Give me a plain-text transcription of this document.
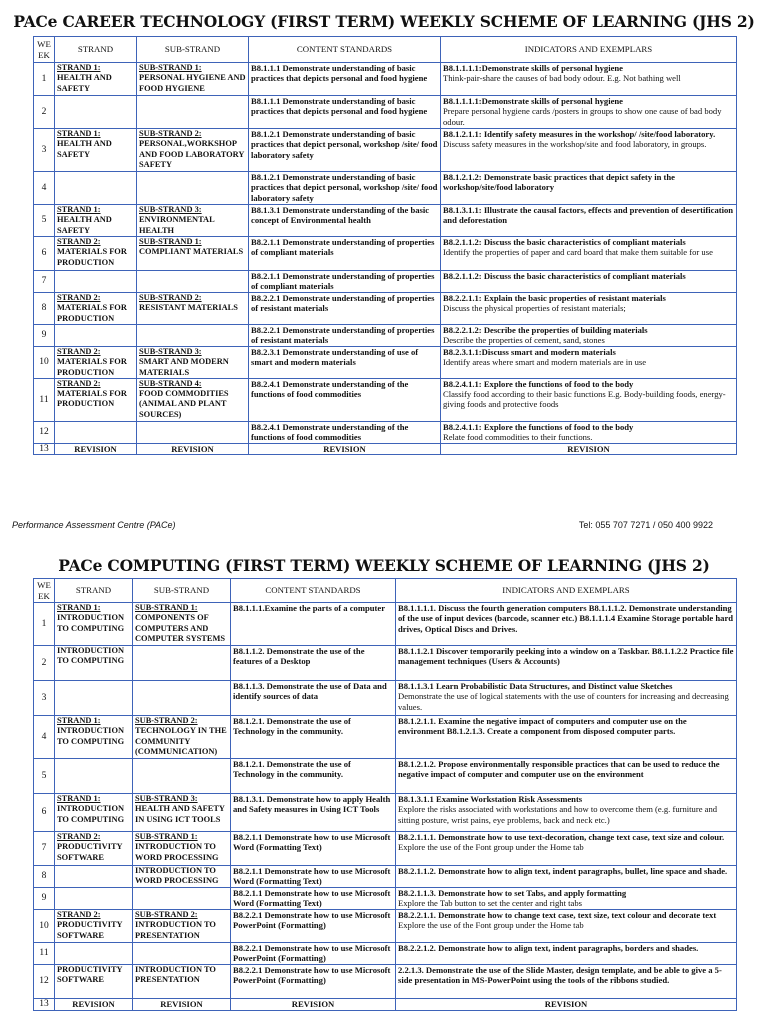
PACe CAREER TECHNOLOGY (FIRST TERM) WEEKLY SCHEME OF LEARNING (JHS 2)
WE EK	STRAND	SUB-STRAND	CONTENT STANDARDS	INDICATORS AND EXEMPLARS
1	STRAND 1:
HEALTH AND SAFETY	SUB-STRAND 1:
PERSONAL HYGIENE AND FOOD HYGIENE	B8.1.1.1 Demonstrate understanding of basic practices that depicts personal and food hygiene	B8.1.1.1.1:Demonstrate skills of personal hygiene
Think-pair-share the causes of bad body odour. E.g. Not bathing well

2			B8.1.1.1 Demonstrate understanding of basic practices that depicts personal and food hygiene	B8.1.1.1.1:Demonstrate skills of personal hygiene
Prepare personal hygiene cards /posters in groups to show one cause of bad body odour.

3	STRAND 1:
HEALTH AND SAFETY	SUB-STRAND 2:
PERSONAL,WORKSHOP AND FOOD LABORATORY SAFETY	B8.1.2.1 Demonstrate understanding of basic practices that depict personal, workshop /site/ food laboratory safety	B8.1.2.1.1: Identify safety measures in the workshop/ /site/food laboratory.
Discuss safety measures in the workshop/site and food laboratory, in groups.

4			B8.1.2.1 Demonstrate understanding of basic practices that depict personal, workshop /site/ food laboratory safety	B8.1.2.1.2: Demonstrate basic practices that depict safety in the workshop/site/food laboratory

5	STRAND 1:
HEALTH AND SAFETY	SUB-STRAND 3:
ENVIRONMENTAL HEALTH	B8.1.3.1 Demonstrate understanding of the basic concept of Environmental health	B8.1.3.1.1: Illustrate the causal factors, effects and prevention of desertification and deforestation

6	STRAND 2:
MATERIALS FOR PRODUCTION	SUB-STRAND 1:
COMPLIANT MATERIALS	B8.2.1.1 Demonstrate understanding of properties of compliant materials	B8.2.1.1.2: Discuss the basic characteristics of compliant materials
Identify the properties of paper and card board that make them suitable for use

7			B8.2.1.1 Demonstrate understanding of properties of compliant materials	B8.2.1.1.2: Discuss the basic characteristics of compliant materials

8	STRAND 2:
MATERIALS FOR PRODUCTION	SUB-STRAND 2:
RESISTANT MATERIALS	B8.2.2.1 Demonstrate understanding of properties of resistant materials	B8.2.2.1.1: Explain the basic properties of resistant materials
Discuss the physical properties of resistant materials;

9			B8.2.2.1 Demonstrate understanding of properties of resistant materials	B8.2.2.1.2: Describe the properties of building materials
Describe the properties of cement, sand, stones

10	STRAND 2:
MATERIALS FOR PRODUCTION	SUB-STRAND 3:
SMART AND MODERN MATERIALS	B8.2.3.1 Demonstrate understanding of use of smart and modern materials	B8.2.3.1.1:Discuss smart and modern materials
Identify areas where smart and modern materials are in use

11	STRAND 2:
MATERIALS FOR PRODUCTION	SUB-STRAND 4:
FOOD COMMODITIES (ANIMAL AND PLANT SOURCES)	B8.2.4.1 Demonstrate understanding of the functions of food commodities	B8.2.4.1.1: Explore the functions of food to the body
Classify food according to their basic functions E.g. Body-building foods, energy-giving foods and protective foods

12			B8.2.4.1 Demonstrate understanding of the functions of food commodities	B8.2.4.1.1: Explore the functions of food to the body
Relate food commodities to their functions.

13	REVISION	REVISION	REVISION	REVISION
Performance Assessment Centre (PACe)	Tel: 055 707 7271 / 050 400 9922
PACe COMPUTING (FIRST TERM) WEEKLY SCHEME OF LEARNING (JHS 2)
WE EK	STRAND	SUB-STRAND	CONTENT STANDARDS	INDICATORS AND EXEMPLARS
1	STRAND 1:
INTRODUCTION TO COMPUTING	SUB-STRAND 1:
COMPONENTS OF COMPUTERS AND COMPUTER SYSTEMS	B8.1.1.1.Examine the parts of a computer	B8.1.1.1.1. Discuss the fourth generation computers B8.1.1.1.2. Demonstrate understanding of the use of input devices (barcode, scanner etc.) B8.1.1.1.4 Examine Storage portable hard drives, Optical Discs and Drives.

2	INTRODUCTION TO COMPUTING		B8.1.1.2. Demonstrate the use of the features of a Desktop	B8.1.1.2.1 Discover temporarily peeking into a window on a Taskbar. B8.1.1.2.2 Practice file management techniques (Users & Accounts)

3			B8.1.1.3. Demonstrate the use of Data and identify sources of data	B8.1.1.3.1 Learn Probabilistic Data Structures, and Distinct value Sketches
Demonstrate the use of logical statements with the use of counters for increasing and decreasing values.

4	STRAND 1:
INTRODUCTION TO COMPUTING	SUB-STRAND 2:
TECHNOLOGY IN THE COMMUNITY (COMMUNICATION)	B8.1.2.1. Demonstrate the use of Technology in the community.	B8.1.2.1.1. Examine the negative impact of computers and computer use on the environment B8.1.2.1.3. Create a component from disposed computer parts.

5			B8.1.2.1. Demonstrate the use of Technology in the community.	B8.1.2.1.2. Propose environmentally responsible practices that can be used to reduce the negative impact of computer and computer use on the environment

6	STRAND 1:
INTRODUCTION TO COMPUTING	SUB-STRAND 3:
HEALTH AND SAFETY IN USING ICT TOOLS	B8.1.3.1. Demonstrate how to apply Health and Safety measures in Using ICT Tools	B8.1.3.1.1 Examine Workstation Risk Assessments
Explore the risks associated with workstations and how to overcome them (e.g. furniture and sitting posture, wrist pains, eye problems, back and neck etc.)

7	STRAND 2:
PRODUCTIVITY SOFTWARE	SUB-STRAND 1:
INTRODUCTION TO WORD PROCESSING	B8.2.1.1 Demonstrate how to use Microsoft Word (Formatting Text)	B8.2.1.1.1. Demonstrate how to use text-decoration, change text case, text size and colour.
Explore the use of the Font group under the Home tab

8		INTRODUCTION TO WORD PROCESSING	B8.2.1.1 Demonstrate how to use Microsoft Word (Formatting Text)	B8.2.1.1.2. Demonstrate how to align text, indent paragraphs, bullet, line space and shade.

9			B8.2.1.1 Demonstrate how to use Microsoft Word (Formatting Text)	B8.2.1.1.3. Demonstrate how to set Tabs, and apply formatting
Explore the Tab button to set the center and right tabs

10	STRAND 2:
PRODUCTIVITY SOFTWARE	SUB-STRAND 2:
INTRODUCTION TO PRESENTATION	B8.2.2.1 Demonstrate how to use Microsoft PowerPoint (Formatting)	B8.2.2.1.1. Demonstrate how to change text case, text size, text colour and decorate text
Explore the use of the Font group under the Home tab

11			B8.2.2.1 Demonstrate how to use Microsoft PowerPoint (Formatting)	B8.2.2.1.2. Demonstrate how to align text, indent paragraphs, borders and shades.

12	PRODUCTIVITY SOFTWARE	INTRODUCTION TO PRESENTATION	B8.2.2.1 Demonstrate how to use Microsoft PowerPoint (Formatting)	2.2.1.3. Demonstrate the use of the Slide Master, design template, and be able to give a 5-side presentation in MS-PowerPoint using the tools of the ribbons studied.

13	REVISION	REVISION	REVISION	REVISION
